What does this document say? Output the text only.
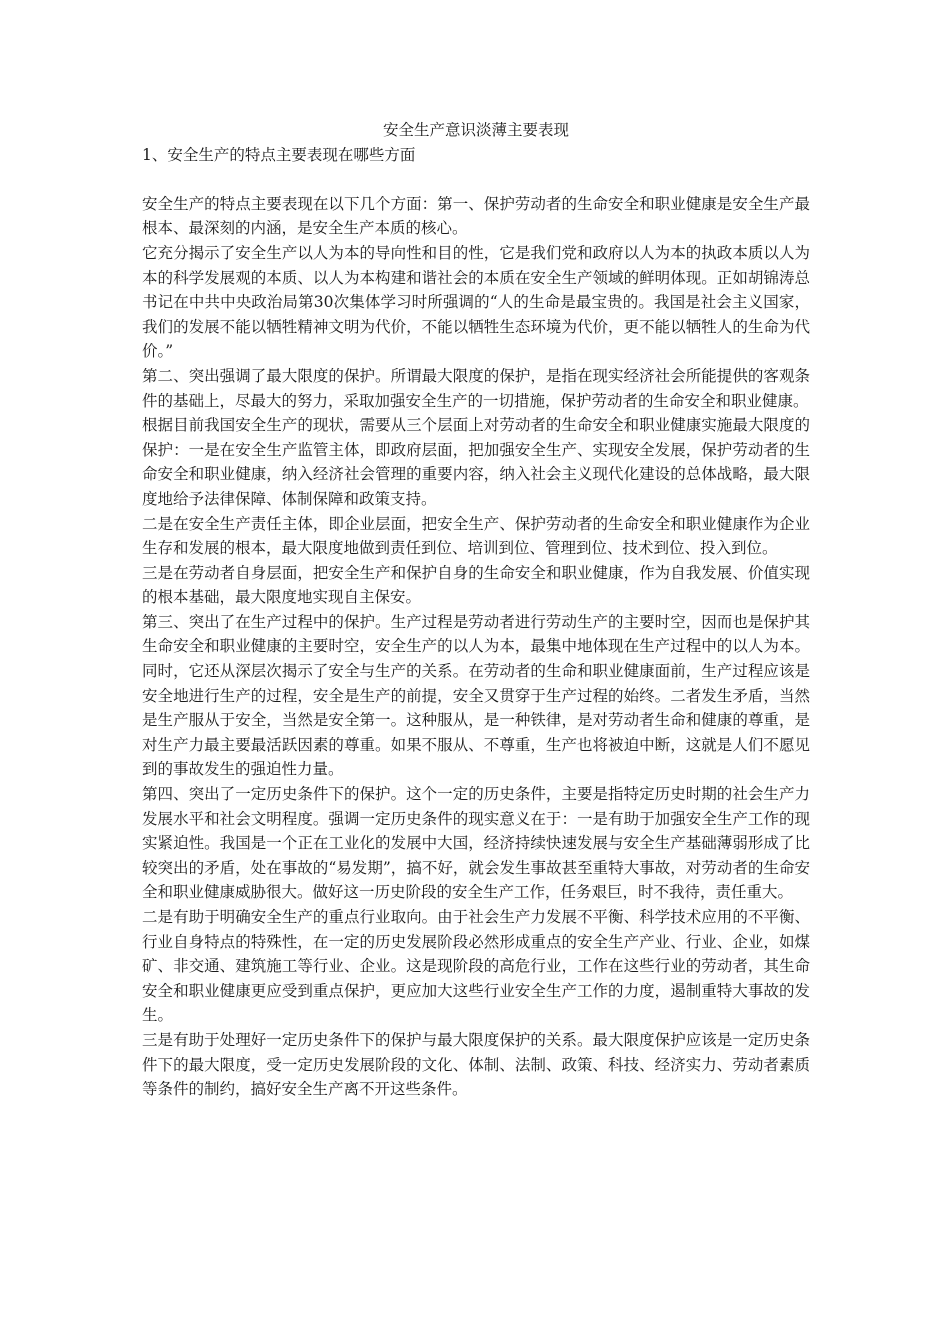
安全生产意识淡薄主要表现

1、安全生产的特点主要表现在哪些方面

安全生产的特点主要表现在以下几个方面：第一、保护劳动者的生命安全和职业健康是安全生产最根本、最深刻的内涵，是安全生产本质的核心。

它充分揭示了安全生产以人为本的导向性和目的性，它是我们党和政府以人为本的执政本质以人为本的科学发展观的本质、以人为本构建和谐社会的本质在安全生产领域的鲜明体现。正如胡锦涛总书记在中共中央政治局第30次集体学习时所强调的“人的生命是最宝贵的。我国是社会主义国家，我们的发展不能以牺牲精神文明为代价，不能以牺牲生态环境为代价，更不能以牺牲人的生命为代价。”

第二、突出强调了最大限度的保护。所谓最大限度的保护，是指在现实经济社会所能提供的客观条件的基础上，尽最大的努力，采取加强安全生产的一切措施，保护劳动者的生命安全和职业健康。

根据目前我国安全生产的现状，需要从三个层面上对劳动者的生命安全和职业健康实施最大限度的保护：一是在安全生产监管主体，即政府层面，把加强安全生产、实现安全发展，保护劳动者的生命安全和职业健康，纳入经济社会管理的重要内容，纳入社会主义现代化建设的总体战略，最大限度地给予法律保障、体制保障和政策支持。

二是在安全生产责任主体，即企业层面，把安全生产、保护劳动者的生命安全和职业健康作为企业生存和发展的根本，最大限度地做到责任到位、培训到位、管理到位、技术到位、投入到位。

三是在劳动者自身层面，把安全生产和保护自身的生命安全和职业健康，作为自我发展、价值实现的根本基础，最大限度地实现自主保安。

第三、突出了在生产过程中的保护。生产过程是劳动者进行劳动生产的主要时空，因而也是保护其生命安全和职业健康的主要时空，安全生产的以人为本，最集中地体现在生产过程中的以人为本。同时，它还从深层次揭示了安全与生产的关系。在劳动者的生命和职业健康面前，生产过程应该是安全地进行生产的过程，安全是生产的前提，安全又贯穿于生产过程的始终。二者发生矛盾，当然是生产服从于安全，当然是安全第一。这种服从，是一种铁律，是对劳动者生命和健康的尊重，是对生产力最主要最活跃因素的尊重。如果不服从、不尊重，生产也将被迫中断，这就是人们不愿见到的事故发生的强迫性力量。

第四、突出了一定历史条件下的保护。这个一定的历史条件，主要是指特定历史时期的社会生产力发展水平和社会文明程度。强调一定历史条件的现实意义在于：一是有助于加强安全生产工作的现实紧迫性。我国是一个正在工业化的发展中大国，经济持续快速发展与安全生产基础薄弱形成了比较突出的矛盾，处在事故的“易发期”，搞不好，就会发生事故甚至重特大事故，对劳动者的生命安全和职业健康威胁很大。做好这一历史阶段的安全生产工作，任务艰巨，时不我待，责任重大。

二是有助于明确安全生产的重点行业取向。由于社会生产力发展不平衡、科学技术应用的不平衡、行业自身特点的特殊性，在一定的历史发展阶段必然形成重点的安全生产产业、行业、企业，如煤矿、非交通、建筑施工等行业、企业。这是现阶段的高危行业，工作在这些行业的劳动者，其生命安全和职业健康更应受到重点保护，更应加大这些行业安全生产工作的力度，遏制重特大事故的发生。

三是有助于处理好一定历史条件下的保护与最大限度保护的关系。最大限度保护应该是一定历史条件下的最大限度，受一定历史发展阶段的文化、体制、法制、政策、科技、经济实力、劳动者素质等条件的制约，搞好安全生产离不开这些条件。
